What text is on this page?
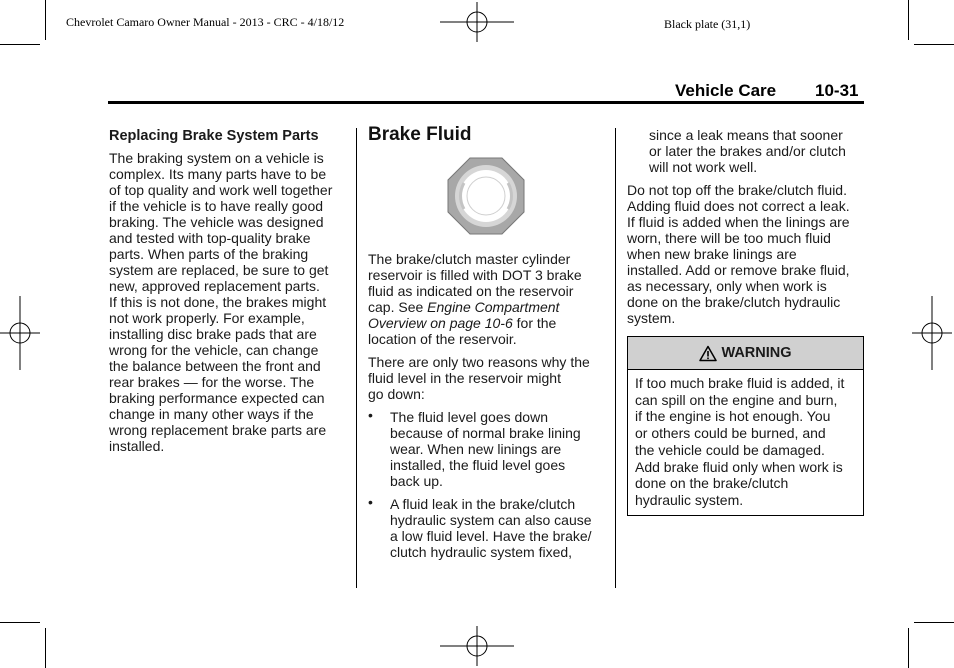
Chevrolet Camaro Owner Manual - 2013 - CRC - 4/18/12	Black plate (31,1)
Vehicle Care 10-31
Replacing Brake System Parts
The braking system on a vehicle is
complex. Its many parts have to be
of top quality and work well together
if the vehicle is to have really good
braking. The vehicle was designed
and tested with top-quality brake
parts. When parts of the braking
system are replaced, be sure to get
new, approved replacement parts.
If this is not done, the brakes might
not work properly. For example,
installing disc brake pads that are
wrong for the vehicle, can change
the balance between the front and
rear brakes — for the worse. The
braking performance expected can
change in many other ways if the
wrong replacement brake parts are
installed.
Brake Fluid

The brake/clutch master cylinder
reservoir is filled with DOT 3 brake
fluid as indicated on the reservoir
cap. See Engine Compartment
Overview on page 10-6 for the
location of the reservoir.

There are only two reasons why the
fluid level in the reservoir might
go down:

• The fluid level goes down
because of normal brake lining
wear. When new linings are
installed, the fluid level goes
back up.
• A fluid leak in the brake/clutch
hydraulic system can also cause
a low fluid level. Have the brake/
clutch hydraulic system fixed,

since a leak means that sooner
or later the brakes and/or clutch
will not work well.

Do not top off the brake/clutch fluid.
Adding fluid does not correct a leak.
If fluid is added when the linings are
worn, there will be too much fluid
when new brake linings are
installed. Add or remove brake fluid,
as necessary, only when work is
done on the brake/clutch hydraulic
system.

WARNING
If too much brake fluid is added, it
can spill on the engine and burn,
if the engine is hot enough. You
or others could be burned, and
the vehicle could be damaged.
Add brake fluid only when work is
done on the brake/clutch
hydraulic system.
